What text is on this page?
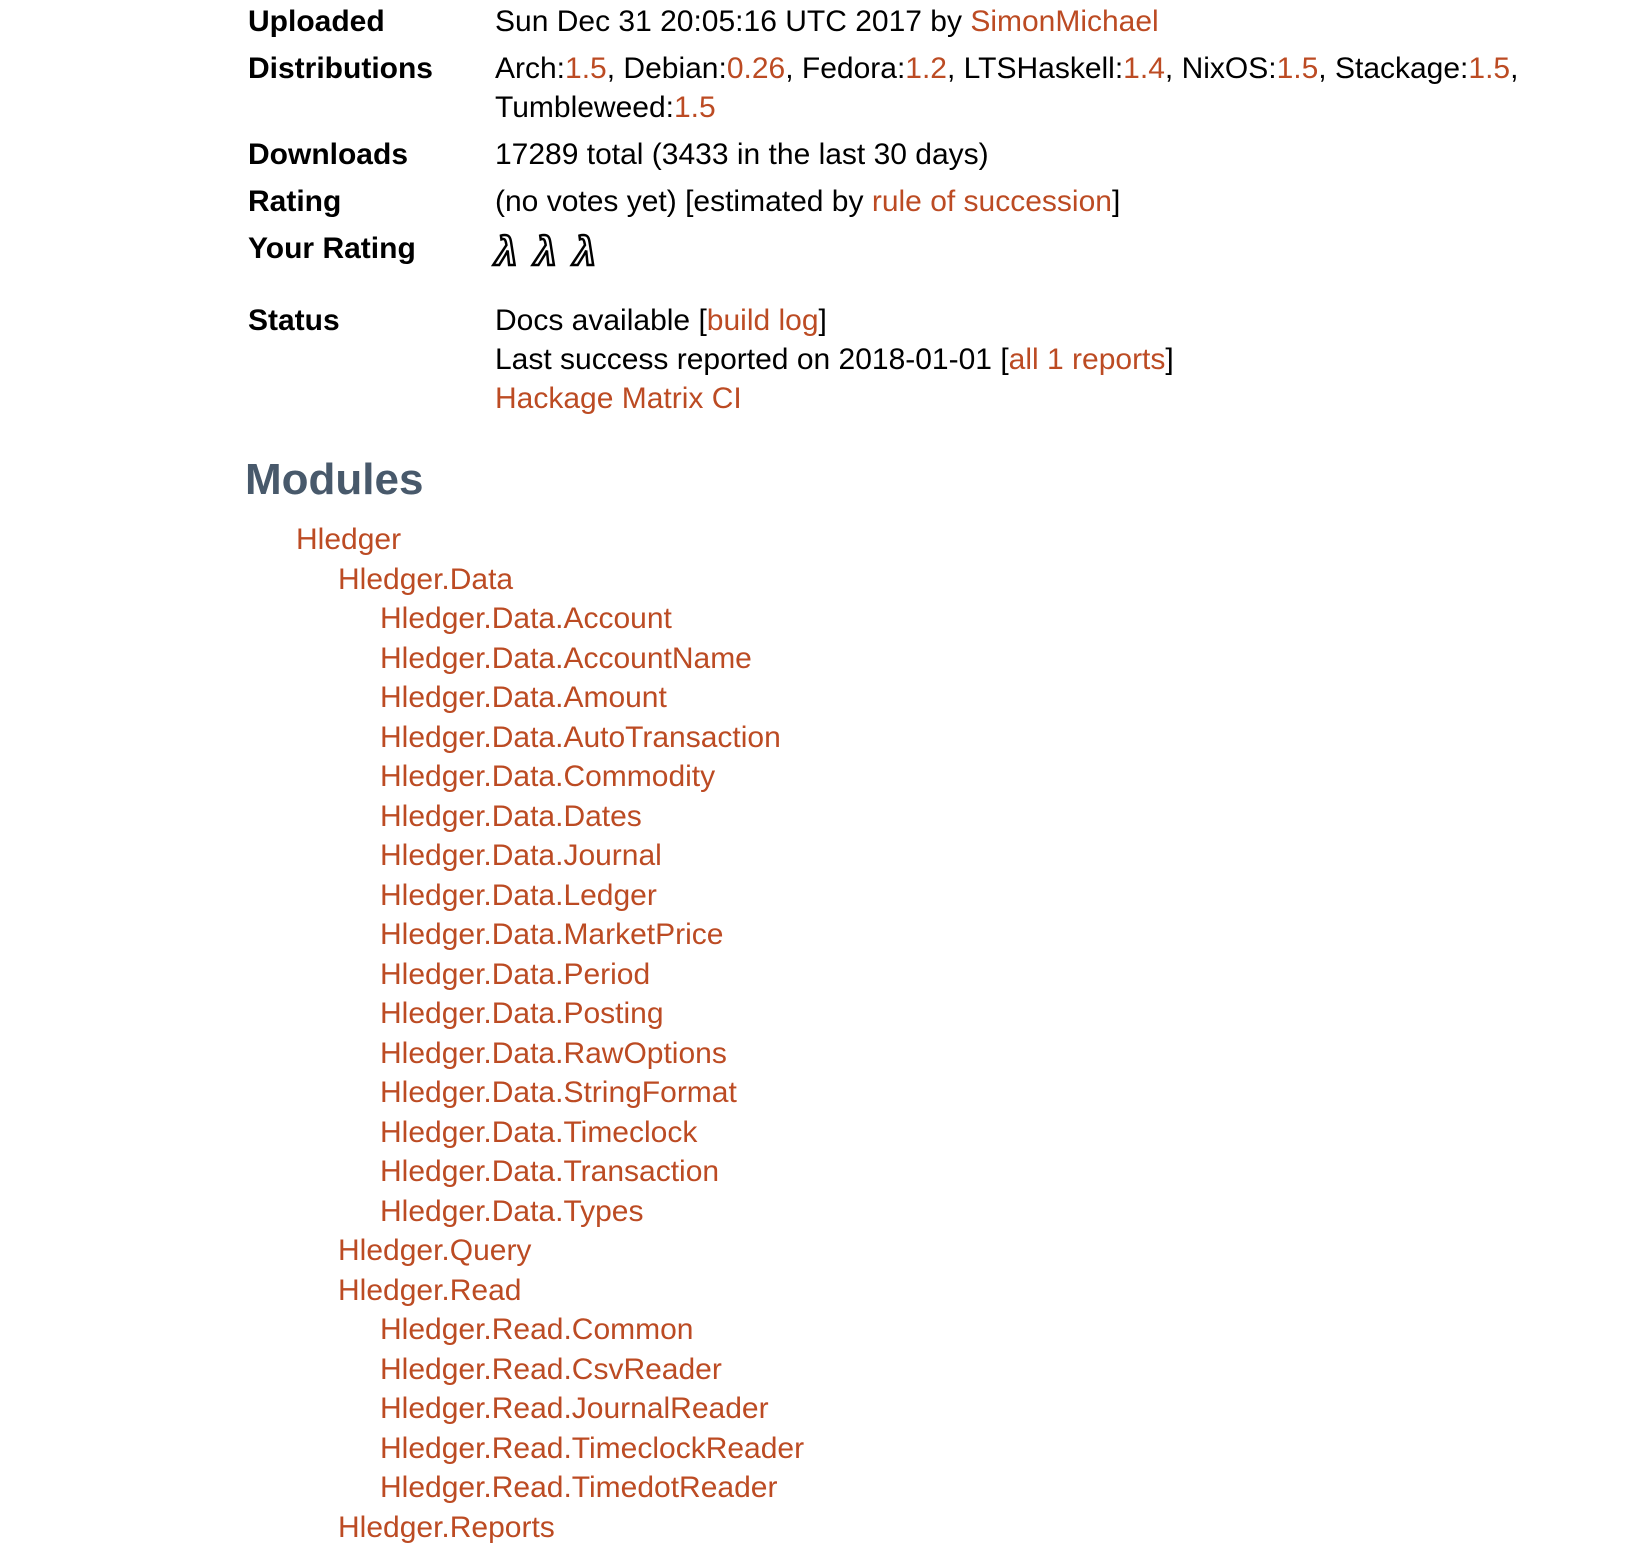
Uploaded	Sun Dec 31 20:05:16 UTC 2017 by SimonMichael
Distributions	Arch:1.5, Debian:0.26, Fedora:1.2, LTSHaskell:1.4, NixOS:1.5, Stackage:1.5, Tumbleweed:1.5
Downloads	17289 total (3433 in the last 30 days)
Rating	(no votes yet) [estimated by rule of succession]
Your Rating	λ λ λ
Status	Docs available [build log]
Last success reported on 2018-01-01 [all 1 reports]
Hackage Matrix CI
Modules
Hledger
Hledger.Data
Hledger.Data.Account
Hledger.Data.AccountName
Hledger.Data.Amount
Hledger.Data.AutoTransaction
Hledger.Data.Commodity
Hledger.Data.Dates
Hledger.Data.Journal
Hledger.Data.Ledger
Hledger.Data.MarketPrice
Hledger.Data.Period
Hledger.Data.Posting
Hledger.Data.RawOptions
Hledger.Data.StringFormat
Hledger.Data.Timeclock
Hledger.Data.Transaction
Hledger.Data.Types
Hledger.Query
Hledger.Read
Hledger.Read.Common
Hledger.Read.CsvReader
Hledger.Read.JournalReader
Hledger.Read.TimeclockReader
Hledger.Read.TimedotReader
Hledger.Reports
